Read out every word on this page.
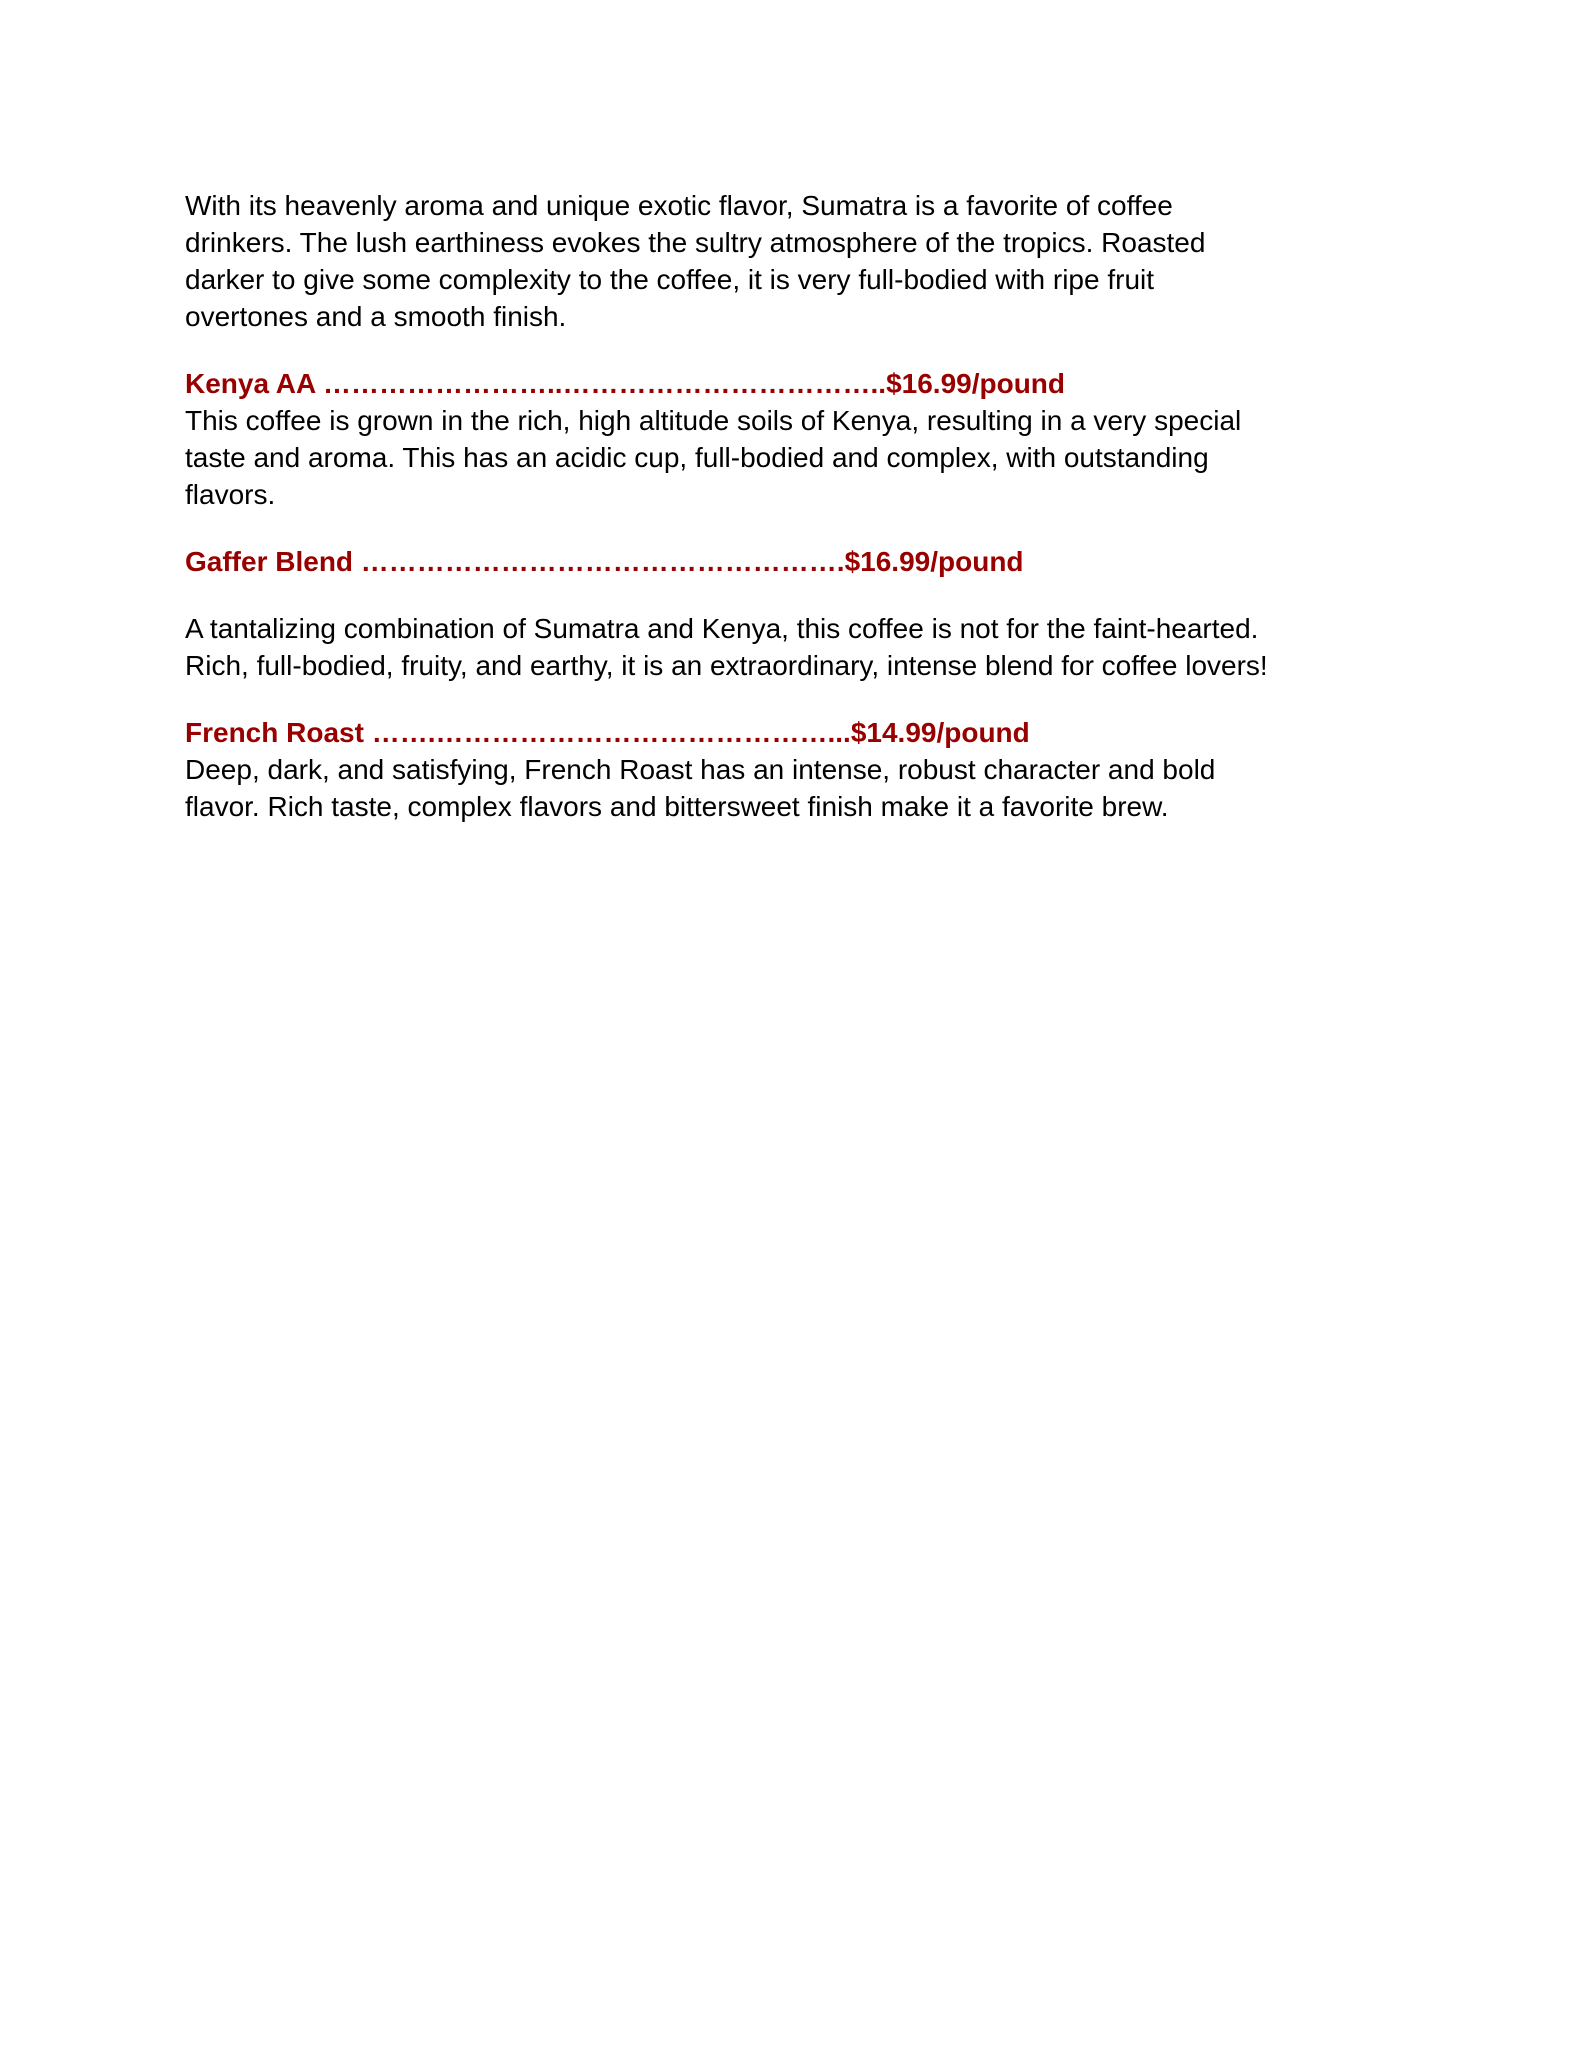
With its heavenly aroma and unique exotic flavor, Sumatra is a favorite of coffee
drinkers. The lush earthiness evokes the sultry atmosphere of the tropics. Roasted
darker to give some complexity to the coffee, it is very full-bodied with ripe fruit
overtones and a smooth finish.

Kenya AA ……………………..……………………………..$16.99/pound

This coffee is grown in the rich, high altitude soils of Kenya, resulting in a very special
taste and aroma. This has an acidic cup, full-bodied and complex, with outstanding
flavors.

Gaffer Blend …………………………………………….$16.99/pound

A tantalizing combination of Sumatra and Kenya, this coffee is not for the faint-hearted.
Rich, full-bodied, fruity, and earthy, it is an extraordinary, intense blend for coffee lovers!

French Roast …….……………………………………...$14.99/pound

Deep, dark, and satisfying, French Roast has an intense, robust character and bold
flavor. Rich taste, complex flavors and bittersweet finish make it a favorite brew.
